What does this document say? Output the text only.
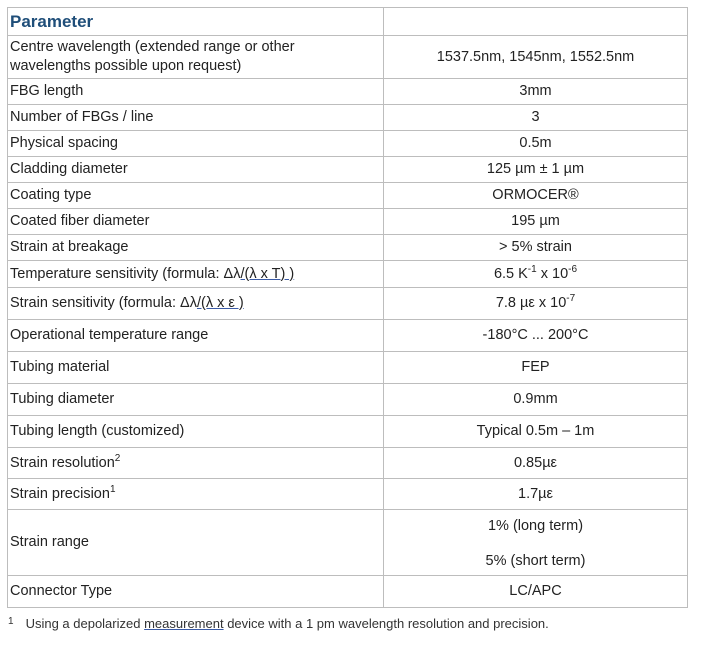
Parameter	
Centre wavelength (extended range or other
wavelengths possible upon request)	1537.5nm, 1545nm, 1552.5nm
FBG length	3mm
Number of FBGs / line	3
Physical spacing	0.5m
Cladding diameter	125 µm ± 1 µm
Coating type	ORMOCER®
Coated fiber diameter	195 µm
Strain at breakage	> 5% strain
Temperature sensitivity (formula: Δλ/(λ x T) )	6.5 $K^{-1}$ x $10^{-6}$
Strain sensitivity (formula: Δλ/(λ x ε )	7.8 µε x $10^{-7}$
Operational temperature range	-180°C ... 200°C
Tubing material	FEP
Tubing diameter	0.9mm
Tubing length (customized)	Typical 0.5m – 1m
Strain resolution$^2$	0.85µε
Strain precision$^1$	1.7µε
Strain range	1% (long term)
5% (short term)

Connector Type	LC/APC
$^1$ Using a depolarized measurement device with a 1 pm wavelength resolution and precision.
